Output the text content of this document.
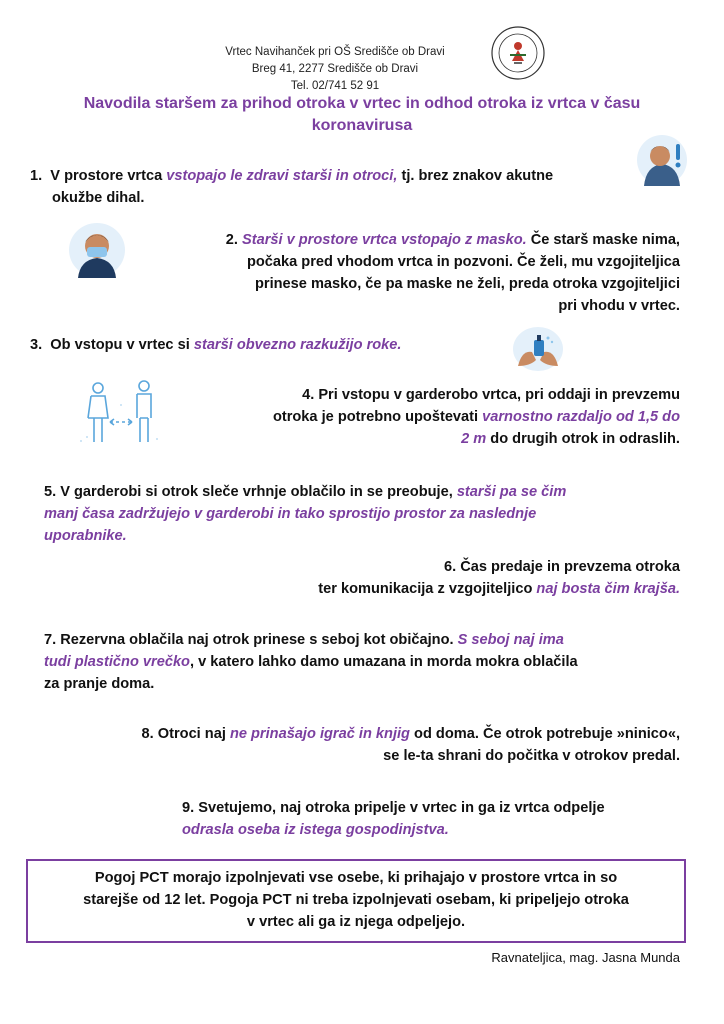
Vrtec Navihanček pri OŠ Središče ob Dravi
Breg 41, 2277 Središče ob Dravi
Tel. 02/741 52 91
Navodila staršem za prihod otroka v vrtec in odhod otroka iz vrtca v času koronavirusa
1. V prostore vrtca vstopajo le zdravi starši in otroci, tj. brez znakov akutne
okužbe dihal.
2. Starši v prostore vrtca vstopajo z masko. Če starš maske nima,
počaka pred vhodom vrtca in pozvoni. Če želi, mu vzgojiteljica
prinese masko, če pa maske ne želi, preda otroka vzgojiteljici
pri vhodu v vrtec.
3. Ob vstopu v vrtec si starši obvezno razkužijo roke.
4. Pri vstopu v garderobo vrtca, pri oddaji in prevzemu
otroka je potrebno upoštevati varnostno razdaljo od 1,5 do
2 m do drugih otrok in odraslih.
5. V garderobi si otrok sleče vrhnje oblačilo in se preobuje, starši pa se čim
manj časa zadržujejo v garderobi in tako sprostijo prostor za naslednje
uporabnike.
6. Čas predaje in prevzema otroka
ter komunikacija z vzgojiteljico naj bosta čim krajša.
7. Rezervna oblačila naj otrok prinese s seboj kot običajno. S seboj naj ima
tudi plastično vrečko, v katero lahko damo umazana in morda mokra oblačila
za pranje doma.
8. Otroci naj ne prinašajo igrač in knjig od doma. Če otrok potrebuje »ninico«,
se le-ta shrani do počitka v otrokov predal.
9. Svetujemo, naj otroka pripelje v vrtec in ga iz vrtca odpelje
odrasla oseba iz istega gospodinjstva.
Pogoj PCT morajo izpolnjevati vse osebe, ki prihajajo v prostore vrtca in so
starejše od 12 let. Pogoja PCT ni treba izpolnjevati osebam, ki pripeljejo otroka
v vrtec ali ga iz njega odpeljejo.
Ravnateljica, mag. Jasna Munda
